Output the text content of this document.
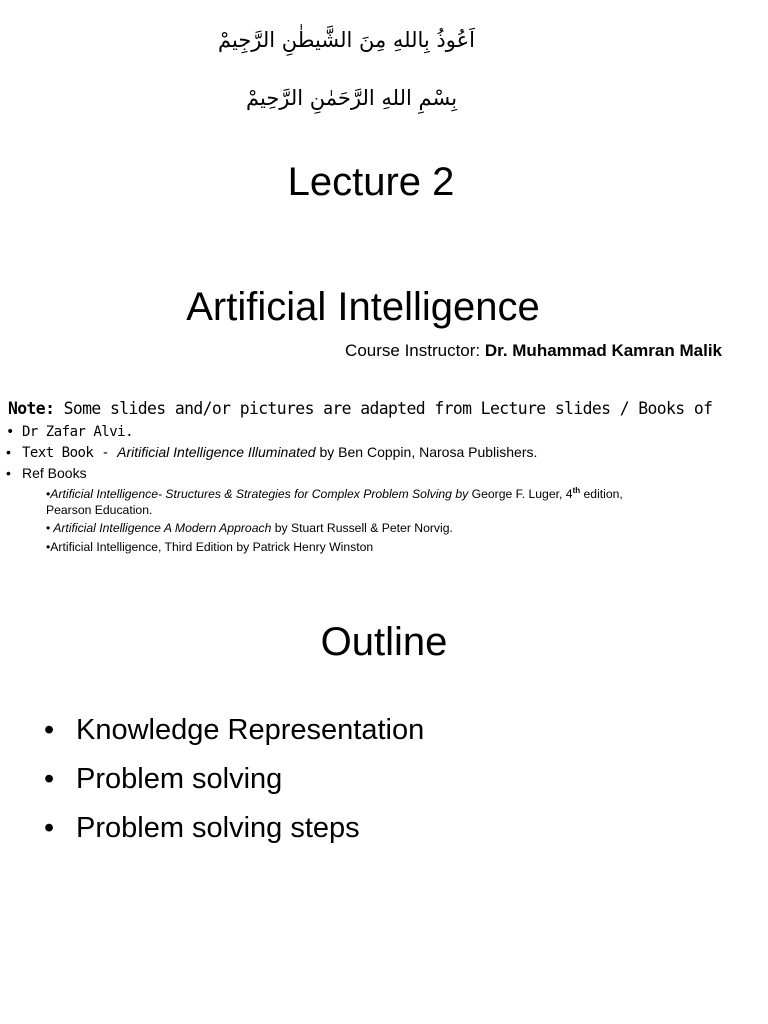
اَعُوذُ بِاللهِ مِنَ الشَّيطٰنِ الرَّجِيمْ
بِسْمِ اللهِ الرَّحَمٰنِ الرَّحِيمْ
Lecture 2
Artificial Intelligence
Course Instructor: Dr. Muhammad Kamran Malik
Note: Some slides and/or pictures are adapted from Lecture slides / Books of
• Dr Zafar Alvi.
• Text Book - Aritificial Intelligence Illuminated by Ben Coppin, Narosa Publishers.
• Ref Books
•Artificial Intelligence- Structures & Strategies for Complex Problem Solving by George F. Luger, 4th edition,
Pearson Education.
• Artificial Intelligence A Modern Approach by Stuart Russell & Peter Norvig.
•Artificial Intelligence, Third Edition by Patrick Henry Winston
Outline
• Knowledge Representation
• Problem solving
• Problem solving steps
